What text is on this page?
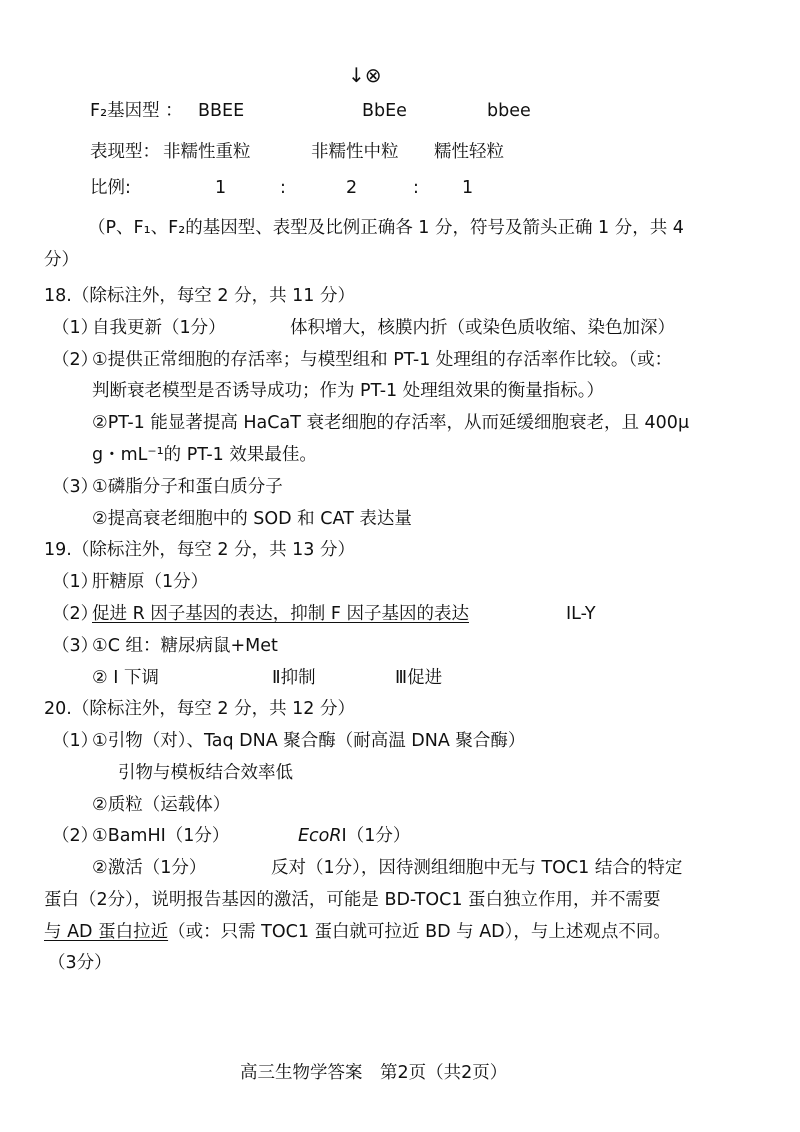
↓⊗
F₂基因型 ： BBEE	BbEe	bbee
表现型： 非糯性重粒	非糯性中粒 糯性轻粒
比例:	1	:	2	: 1
（P、F₁、F₂的基因型、表型及比例正确各 1 分，符号及箭头正确 1 分，共 4
分）
18.（除标注外，每空 2 分，共 11 分）
（1）
自我更新（1分）	体积增大，核膜内折（或染色质收缩、染色加深）
（2）
①提供正常细胞的存活率；与模型组和 PT-1 处理组的存活率作比较。（或：
判断衰老模型是否诱导成功；作为 PT-1 处理组效果的衡量指标。）
②PT-1 能显著提高 HaCaT 衰老细胞的存活率，从而延缓细胞衰老，且 400μ
g・mL⁻¹的 PT-1 效果最佳。
（3）
①磷脂分子和蛋白质分子
②提高衰老细胞中的 SOD 和 CAT 表达量
19.（除标注外，每空 2 分，共 13 分）
（1）
肝糖原（1分）
（2）
促进 R 因子基因的表达，抑制 F 因子基因的表达	IL-Y
（3）
①C 组：糖尿病鼠+Met
② Ⅰ 下调	Ⅱ抑制	Ⅲ促进
20.（除标注外，每空 2 分，共 12 分）
（1）
①引物（对）、Taq DNA 聚合酶（耐高温 DNA 聚合酶）
引物与模板结合效率低
②质粒（运载体）
（2）
①BamHⅠ（1分）	EcoRⅠ（1分）
②激活（1分）	反对（1分），因待测组细胞中无与 TOC1 结合的特定
蛋白（2分），说明报告基因的激活，可能是 BD-TOC1 蛋白独立作用，并不需要
与 AD 蛋白拉近（或：只需 TOC1 蛋白就可拉近 BD 与 AD），与上述观点不同。
（3分）
高三生物学答案　第2页（共2页）
